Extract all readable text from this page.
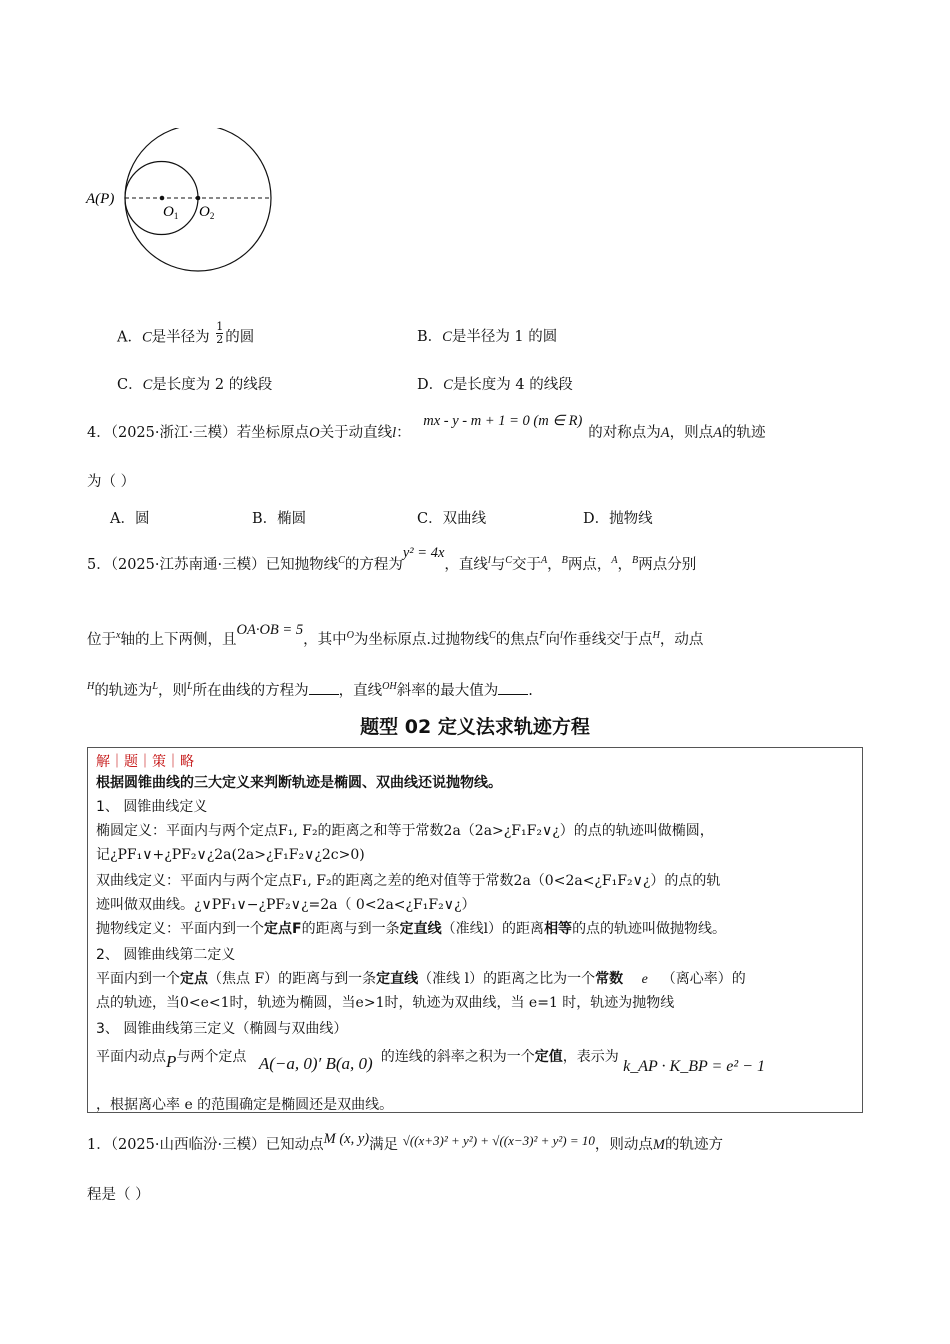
A(P)
$O_1$ $O_2$
A．C是半径为 $\frac{1}{2}$ 的圆	B．C是半径为 1 的圆
C．C是长度为 2 的线段	D．C是长度为 4 的线段
4．（2025·浙江·三模）若坐标原点O关于动直线l： mx - y - m + 1 = 0 (m ∈ R)的对称点为A，则点A的轨迹
为（ ）
A．圆	B．椭圆	C．双曲线	D．抛物线
5．（2025·江苏南通·三模）已知抛物线$^C$的方程为y² = 4x，直线$^l$与$^C$交于$^A$，$^B$两点，$^A$，$^B$两点分别
位于$^x$轴的上下两侧，且OA·OB = 5，其中$^O$为坐标原点.过抛物线$^C$的焦点$^F$向$^l$作垂线交$^l$于点$^H$，动点
$^H$的轨迹为$^L$，则$^L$所在曲线的方程为 ，直线$^{OH}$斜率的最大值为 .
题型 02 定义法求轨迹方程
解｜题｜策｜略
根据圆锥曲线的三大定义来判断轨迹是椭圆、双曲线还说抛物线。
1、 圆锥曲线定义
椭圆定义：平面内与两个定点F₁, F₂的距离之和等于常数2a（2a>¿F₁F₂∨¿）的点的轨迹叫做椭圆，
记¿PF₁∨+¿PF₂∨¿2a(2a>¿F₁F₂∨¿2c>0)
双曲线定义：平面内与两个定点F₁, F₂的距离之差的绝对值等于常数2a（0<2a<¿F₁F₂∨¿）的点的轨
迹叫做双曲线。¿∨PF₁∨−¿PF₂∨¿=2a（ 0<2a<¿F₁F₂∨¿）
抛物线定义：平面内到一个定点F的距离与到一条定直线（准线l）的距离相等的点的轨迹叫做抛物线。
2、 圆锥曲线第二定义
平面内到一个定点（焦点 F）的距离与到一条定直线（准线 l）的距离之比为一个常数 e （离心率）的
点的轨迹，当0<e<1时，轨迹为椭圆，当e>1时，轨迹为双曲线，当 e=1 时，轨迹为抛物线
3、 圆锥曲线第三定义（椭圆与双曲线）
平面内动点P与两个定点 A(−a, 0)′ B(a, 0) 的连线的斜率之积为一个定值，表示为 k_AP · K_BP = e² − 1
，根据离心率 e 的范围确定是椭圆还是双曲线。
1．（2025·山西临汾·三模）已知动点M (x, y)满足 √((x+3)² + y²) + √((x−3)² + y²) = 10，则动点M的轨迹方
程是（ ）
